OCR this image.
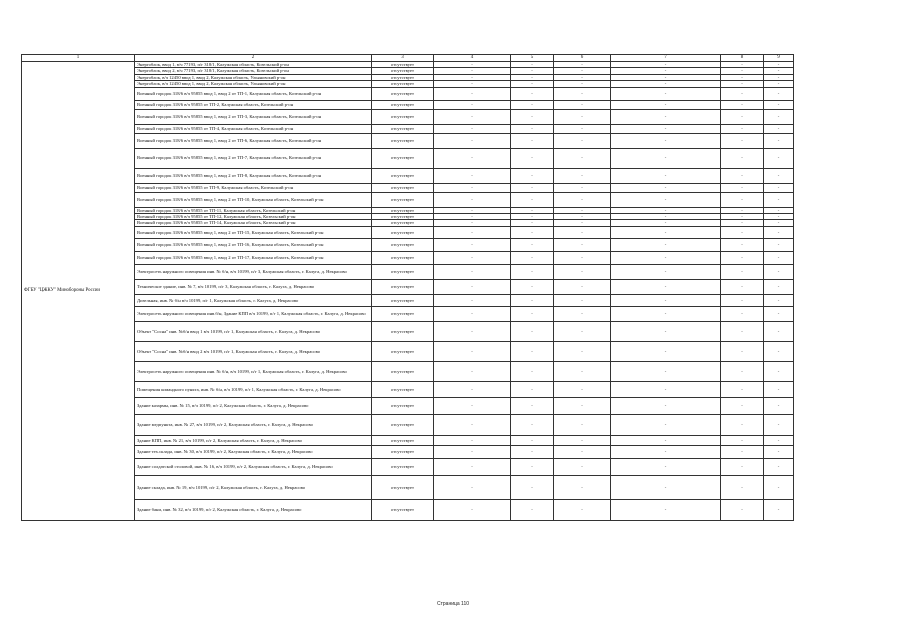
1	2	3	4	5	6	7	8	9
ФГБУ "ЦЖКУ" Минобороны России	Энергоблок, ввод 1, в/ч 77193, п/г 318/1, Калужская область, Козельский р-он	отсутствует	-	-	-	-	-	-
	Энергоблок, ввод 2, в/ч 77193, п/г 318/1, Калужская область, Козельский р-он	отсутствует	-	-	-	-	-	-
	Энергоблок, в/ч 12450 ввод 1, ввод 2, Калужская область, Ульяновский р-он	отсутствует	-	-	-	-	-	-
	Энергоблок, в/ч 12450 ввод 1, ввод 2, Калужская область, Ульяновский р-он	отсутствует	-	-	-	-	-	-
	Военный городок 318/6 в/ч 95855 ввод 1, ввод 2 от ТП-1, Калужская область, Козельский р-он	отсутствует	-	-	-	-	-	-
	Военный городок 318/6 в/ч 95855 от ТП-2, Калужская область, Козельский р-он	отсутствует	-	-	-	-	-	-
	Военный городок 318/6 в/ч 95855 ввод 1, ввод 2 от ТП-3, Калужская область, Козельский р-он	отсутствует	-	-	-	-	-	-
	Военный городок 318/6 в/ч 95855 от ТП-4, Калужская область, Козельский р-он	отсутствует	-	-	-	-	-	-
	Военный городок 318/6 в/ч 95855 ввод 1, ввод 2 от ТП-6, Калужская область, Козельский р-он	отсутствует	-	-	-	-	-	-
	Военный городок 318/6 в/ч 95855 ввод 1, ввод 2 от ТП-7, Калужская область, Козельский р-он	отсутствует	-	-	-	-	-	-
	Военный городок 318/6 в/ч 95855 ввод 1, ввод 2 от ТП-8, Калужская область, Козельский р-он	отсутствует	-	-	-	-	-	-
	Военный городок 318/6 в/ч 95855 от ТП-9, Калужская область, Козельский р-он	отсутствует	-	-	-	-	-	-
	Военный городок 318/6 в/ч 95855 ввод 1, ввод 2 от ТП-10, Калужская область, Козельский р-он	отсутствует	-	-	-	-	-	-
	Военный городок 318/6 в/ч 95855 от ТП-11, Калужская область, Козельский р-он	отсутствует	-	-	-	-	-	-
	Военный городок 318/6 в/ч 95855 от ТП-12, Калужская область, Козельский р-он	отсутствует	-	-	-	-	-	-
	Военный городок 318/6 в/ч 95855 от ТП-14, Калужская область, Козельский р-он	отсутствует	-	-	-	-	-	-
	Военный городок 318/6 в/ч 95855 ввод 1, ввод 2 от ТП-15, Калужская область, Козельский р-он	отсутствует	-	-	-	-	-	-
	Военный городок 318/6 в/ч 95855 ввод 1, ввод 2 от ТП-16, Калужская область, Козельский р-он	отсутствует	-	-	-	-	-	-
	Военный городок 318/6 в/ч 95855 ввод 1, ввод 2 от ТП-17, Калужская область, Козельский р-он	отсутствует	-	-	-	-	-	-
	Электросеть наружного освещения инв. № б/н, в/ч 10199, п/г 3, Калужская область, г. Калуга, д. Некрасово	отсутствует	-	-	-	-	-	-
	Техническое здание, инв. № 7, в/ч 10199, п/г 3, Калужская область, г. Калуга, д. Некрасово	отсутствует	-	-	-	-	-	-
	Дизельная, инв. № б/н в/ч 10199, п/г 1, Калужская область, г. Калуга, д. Некрасово	отсутствует	-	-	-	-	-	-
	Электросеть наружного освещения инв.б/н, Здание КПП в/ч 10199, п/г 1, Калужская область, г. Калуга, д. Некрасово	отсутствует	-	-	-	-	-	-
	Объект "Сосна" инв. №б/н ввод 1 в/ч 10199, п/г 1, Калужская область, г. Калуга, д. Некрасово	отсутствует	-	-	-	-	-	-
	Объект "Сосна" инв. №б/н ввод 2 в/ч 10199, п/г 1, Калужская область, г. Калуга, д. Некрасово	отсутствует	-	-	-	-	-	-
	Электросеть наружного освещения инв. № б/н, в/ч 10199, п/г 1, Калужская область, г. Калуга, д. Некрасово	отсутствует	-	-	-	-	-	-
	Помещения командного пункта, инв. № б/н, в/ч 10199, п/г 1, Калужская область, г. Калуга, д. Некрасово	отсутствует	-	-	-	-	-	-
	Здание казармы, инв. № 15, в/ч 10199, п/г 2, Калужская область, г. Калуга, д. Некрасово	отсутствует	-	-	-	-	-	-
	Здание медпункта, инв. № 27, в/ч 10199, п/г 2, Калужская область, г. Калуга, д. Некрасово	отсутствует	-	-	-	-	-	-
	Здание КПП, инв. № 21, в/ч 10199, п/г 2, Калужская область, г. Калуга, д. Некрасово	отсутствует	-	-	-	-	-	-
	Здание тех.склада, инв. № 30, в/ч 10199, п/г 2, Калужская область, г. Калуга, д. Некрасово	отсутствует	-	-	-	-	-	-
	Здание солдатской столовой, инв. № 16, в/ч 10199, п/г 2, Калужская область, г. Калуга, д. Некрасово	отсутствует	-	-	-	-	-	-
	Здание склада, инв. № 19, в/ч 10199, п/г 2, Калужская область, г. Калуга, д. Некрасово	отсутствует	-	-	-	-	-	-
	Здание бани, инв. № 32, в/ч 10199, п/г 2, Калужская область, г. Калуга, д. Некрасово	отсутствует	-	-	-	-	-	-
Страница 110
